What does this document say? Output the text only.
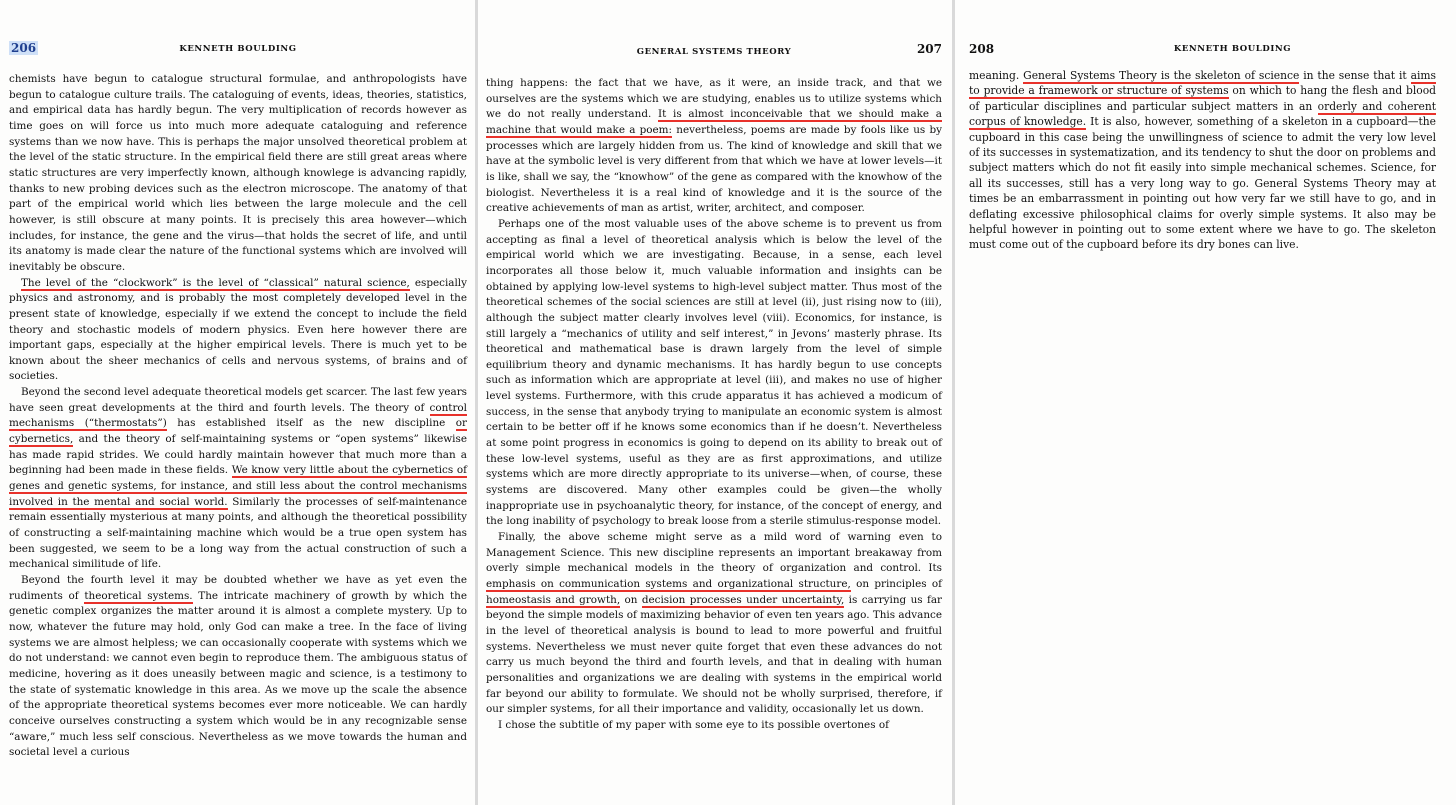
206	KENNETH BOULDING

chemists have begun to catalogue structural formulae, and anthropologists have begun to catalogue culture trails. The cataloguing of events, ideas, theories, statistics, and empirical data has hardly begun. The very multiplication of records however as time goes on will force us into much more adequate cataloguing and reference systems than we now have. This is perhaps the major unsolved theoretical problem at the level of the static structure. In the empirical field there are still great areas where static structures are very imperfectly known, although knowlege is advancing rapidly, thanks to new probing devices such as the electron microscope. The anatomy of that part of the empirical world which lies between the large molecule and the cell however, is still obscure at many points. It is precisely this area however—which includes, for instance, the gene and the virus—that holds the secret of life, and until its anatomy is made clear the nature of the functional systems which are involved will inevitably be obscure.

The level of the “clockwork” is the level of “classical” natural science, especially physics and astronomy, and is probably the most completely developed level in the present state of knowledge, especially if we extend the concept to include the field theory and stochastic models of modern physics. Even here however there are important gaps, especially at the higher empirical levels. There is much yet to be known about the sheer mechanics of cells and nervous systems, of brains and of societies.

Beyond the second level adequate theoretical models get scarcer. The last few years have seen great developments at the third and fourth levels. The theory of control mechanisms (“thermostats”) has established itself as the new discipline or cybernetics, and the theory of self-maintaining systems or “open systems” likewise has made rapid strides. We could hardly maintain however that much more than a beginning had been made in these fields. We know very little about the cybernetics of genes and genetic systems, for instance, and still less about the control mechanisms involved in the mental and social world. Similarly the processes of self-maintenance remain essentially mysterious at many points, and although the theoretical possibility of constructing a self-maintaining machine which would be a true open system has been suggested, we seem to be a long way from the actual construction of such a mechanical similitude of life.

Beyond the fourth level it may be doubted whether we have as yet even the rudiments of theoretical systems. The intricate machinery of growth by which the genetic complex organizes the matter around it is almost a complete mystery. Up to now, whatever the future may hold, only God can make a tree. In the face of living systems we are almost helpless; we can occasionally cooperate with systems which we do not understand: we cannot even begin to reproduce them. The ambiguous status of medicine, hovering as it does uneasily between magic and science, is a testimony to the state of systematic knowledge in this area. As we move up the scale the absence of the appropriate theoretical systems becomes ever more noticeable. We can hardly conceive ourselves constructing a system which would be in any recognizable sense “aware,” much less self conscious. Nevertheless as we move towards the human and societal level a curious

GENERAL SYSTEMS THEORY	207

thing happens: the fact that we have, as it were, an inside track, and that we ourselves are the systems which we are studying, enables us to utilize systems which we do not really understand. It is almost inconceivable that we should make a machine that would make a poem: nevertheless, poems are made by fools like us by processes which are largely hidden from us. The kind of knowledge and skill that we have at the symbolic level is very different from that which we have at lower levels—it is like, shall we say, the “knowhow” of the gene as compared with the knowhow of the biologist. Nevertheless it is a real kind of knowledge and it is the source of the creative achievements of man as artist, writer, architect, and composer.

Perhaps one of the most valuable uses of the above scheme is to prevent us from accepting as final a level of theoretical analysis which is below the level of the empirical world which we are investigating. Because, in a sense, each level incorporates all those below it, much valuable information and insights can be obtained by applying low-level systems to high-level subject matter. Thus most of the theoretical schemes of the social sciences are still at level (ii), just rising now to (iii), although the subject matter clearly involves level (viii). Economics, for instance, is still largely a “mechanics of utility and self interest,” in Jevons’ masterly phrase. Its theoretical and mathematical base is drawn largely from the level of simple equilibrium theory and dynamic mechanisms. It has hardly begun to use concepts such as information which are appropriate at level (iii), and makes no use of higher level systems. Furthermore, with this crude apparatus it has achieved a modicum of success, in the sense that anybody trying to manipulate an economic system is almost certain to be better off if he knows some economics than if he doesn’t. Nevertheless at some point progress in economics is going to depend on its ability to break out of these low-level systems, useful as they are as first approximations, and utilize systems which are more directly appropriate to its universe—when, of course, these systems are discovered. Many other examples could be given—the wholly inappropriate use in psychoanalytic theory, for instance, of the concept of energy, and the long inability of psychology to break loose from a sterile stimulus-response model.

Finally, the above scheme might serve as a mild word of warning even to Management Science. This new discipline represents an important breakaway from overly simple mechanical models in the theory of organization and control. Its emphasis on communication systems and organizational structure, on principles of homeostasis and growth, on decision processes under uncertainty, is carrying us far beyond the simple models of maximizing behavior of even ten years ago. This advance in the level of theoretical analysis is bound to lead to more powerful and fruitful systems. Nevertheless we must never quite forget that even these advances do not carry us much beyond the third and fourth levels, and that in dealing with human personalities and organizations we are dealing with systems in the empirical world far beyond our ability to formulate. We should not be wholly surprised, therefore, if our simpler systems, for all their importance and validity, occasionally let us down.

I chose the subtitle of my paper with some eye to its possible overtones of

208	KENNETH BOULDING

meaning. General Systems Theory is the skeleton of science in the sense that it aims to provide a framework or structure of systems on which to hang the flesh and blood of particular disciplines and particular subject matters in an orderly and coherent corpus of knowledge. It is also, however, something of a skeleton in a cupboard—the cupboard in this case being the unwillingness of science to admit the very low level of its successes in systematization, and its tendency to shut the door on problems and subject matters which do not fit easily into simple mechanical schemes. Science, for all its successes, still has a very long way to go. General Systems Theory may at times be an embarrassment in pointing out how very far we still have to go, and in deflating excessive philosophical claims for overly simple systems. It also may be helpful however in pointing out to some extent where we have to go. The skeleton must come out of the cupboard before its dry bones can live.
